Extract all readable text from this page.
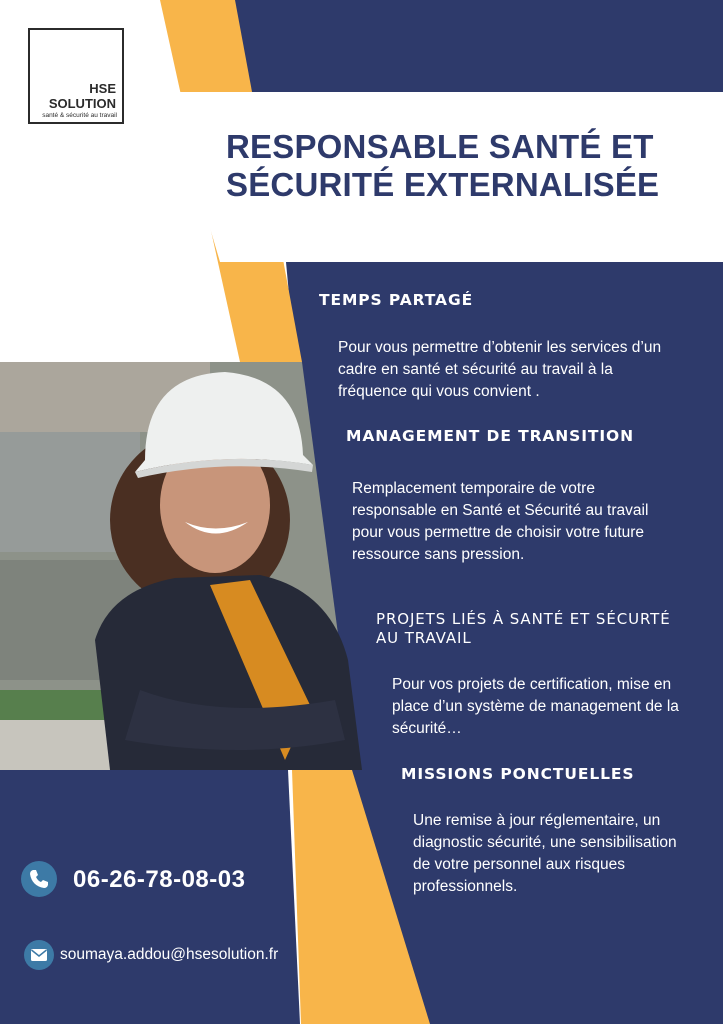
HSE
SOLUTION
santé & sécurité au travail
RESPONSABLE SANTÉ ET
SÉCURITÉ EXTERNALISÉE
TEMPS PARTAGÉ

Pour vous permettre d’obtenir les services d’un
cadre en santé et sécurité au travail à la
fréquence qui vous convient .

MANAGEMENT DE TRANSITION

Remplacement temporaire de votre
responsable en Santé et Sécurité au travail
pour vous permettre de choisir votre future
ressource sans pression.

PROJETS LIÉS À SANTÉ ET SÉCURTÉ
AU TRAVAIL

Pour vos projets de certification, mise en
place d’un système de management de la
sécurité…

MISSIONS PONCTUELLES

Une remise à jour réglementaire, un
diagnostic sécurité, une sensibilisation
de votre personnel aux risques
professionnels.

06-26-78-08-03
soumaya.addou@hsesolution.fr
